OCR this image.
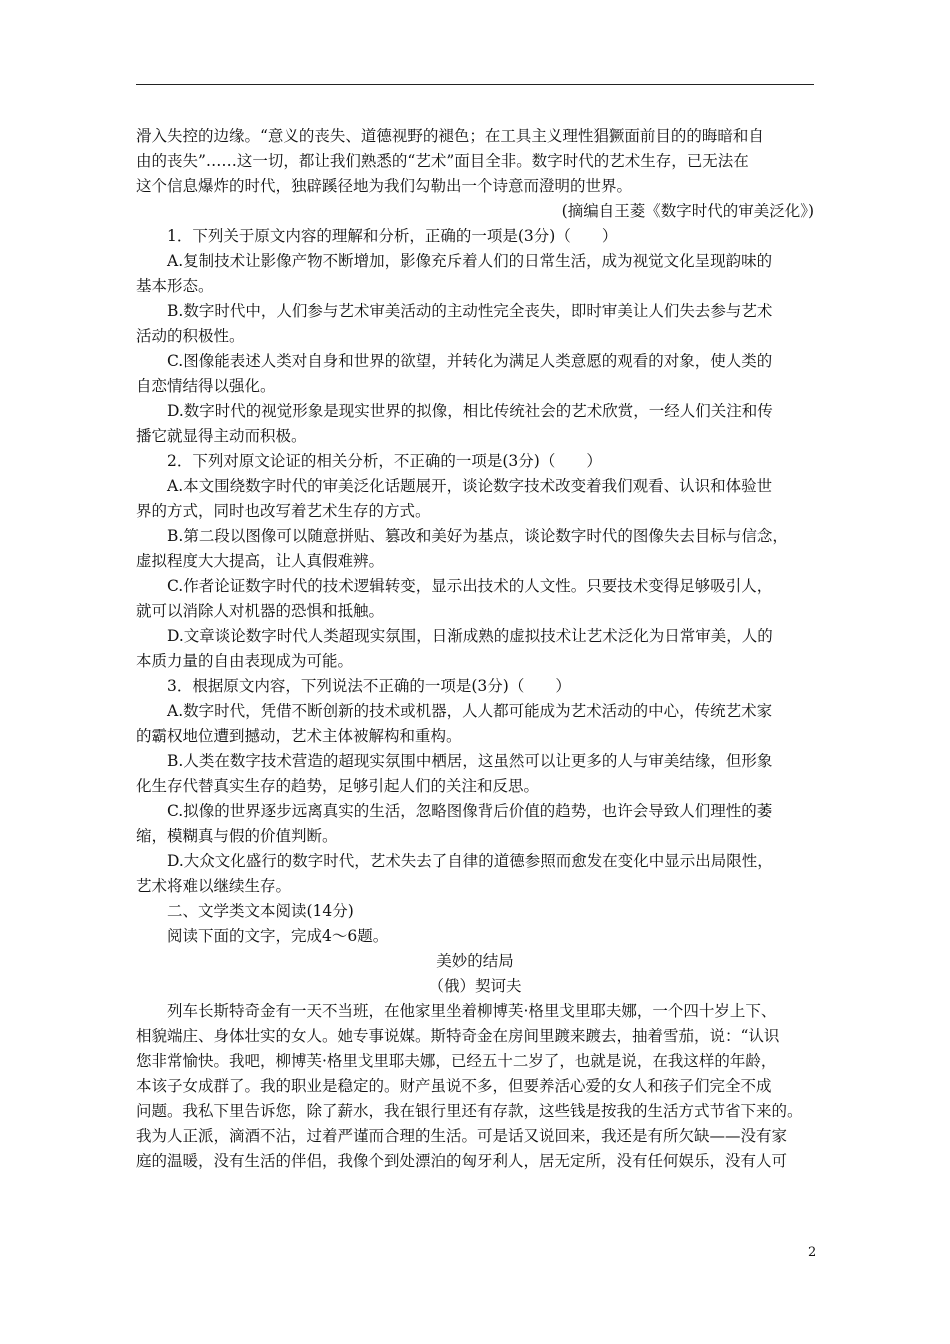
滑入失控的边缘。“意义的丧失、道德视野的褪色；在工具主义理性猖獗面前目的的晦暗和自
由的丧失”……这一切，都让我们熟悉的“艺术”面目全非。数字时代的艺术生存，已无法在
这个信息爆炸的时代，独辟蹊径地为我们勾勒出一个诗意而澄明的世界。
(摘编自王菱《数字时代的审美泛化》)
1．下列关于原文内容的理解和分析，正确的一项是(3分)（　　）
A.复制技术让影像产物不断增加，影像充斥着人们的日常生活，成为视觉文化呈现韵味的
基本形态。
B.数字时代中，人们参与艺术审美活动的主动性完全丧失，即时审美让人们失去参与艺术
活动的积极性。
C.图像能表述人类对自身和世界的欲望，并转化为满足人类意愿的观看的对象，使人类的
自恋情结得以强化。
D.数字时代的视觉形象是现实世界的拟像，相比传统社会的艺术欣赏，一经人们关注和传
播它就显得主动而积极。
2．下列对原文论证的相关分析，不正确的一项是(3分)（　　）
A.本文围绕数字时代的审美泛化话题展开，谈论数字技术改变着我们观看、认识和体验世
界的方式，同时也改写着艺术生存的方式。
B.第二段以图像可以随意拼贴、篡改和美好为基点，谈论数字时代的图像失去目标与信念，
虚拟程度大大提高，让人真假难辨。
C.作者论证数字时代的技术逻辑转变，显示出技术的人文性。只要技术变得足够吸引人，
就可以消除人对机器的恐惧和抵触。
D.文章谈论数字时代人类超现实氛围，日渐成熟的虚拟技术让艺术泛化为日常审美，人的
本质力量的自由表现成为可能。
3．根据原文内容，下列说法不正确的一项是(3分)（　　）
A.数字时代，凭借不断创新的技术或机器，人人都可能成为艺术活动的中心，传统艺术家
的霸权地位遭到撼动，艺术主体被解构和重构。
B.人类在数字技术营造的超现实氛围中栖居，这虽然可以让更多的人与审美结缘，但形象
化生存代替真实生存的趋势，足够引起人们的关注和反思。
C.拟像的世界逐步远离真实的生活，忽略图像背后价值的趋势，也许会导致人们理性的萎
缩，模糊真与假的价值判断。
D.大众文化盛行的数字时代，艺术失去了自律的道德参照而愈发在变化中显示出局限性，
艺术将难以继续生存。
二、文学类文本阅读(14分)
阅读下面的文字，完成4～6题。
美妙的结局
（俄）契诃夫
列车长斯特奇金有一天不当班，在他家里坐着柳博芙·格里戈里耶夫娜，一个四十岁上下、
相貌端庄、身体壮实的女人。她专事说媒。斯特奇金在房间里踱来踱去，抽着雪茄，说：“认识
您非常愉快。我吧，柳博芙·格里戈里耶夫娜，已经五十二岁了，也就是说，在我这样的年龄，
本该子女成群了。我的职业是稳定的。财产虽说不多，但要养活心爱的女人和孩子们完全不成
问题。我私下里告诉您，除了薪水，我在银行里还有存款，这些钱是按我的生活方式节省下来的。
我为人正派，滴酒不沾，过着严谨而合理的生活。可是话又说回来，我还是有所欠缺——没有家
庭的温暖，没有生活的伴侣，我像个到处漂泊的匈牙利人，居无定所，没有任何娱乐，没有人可
2
